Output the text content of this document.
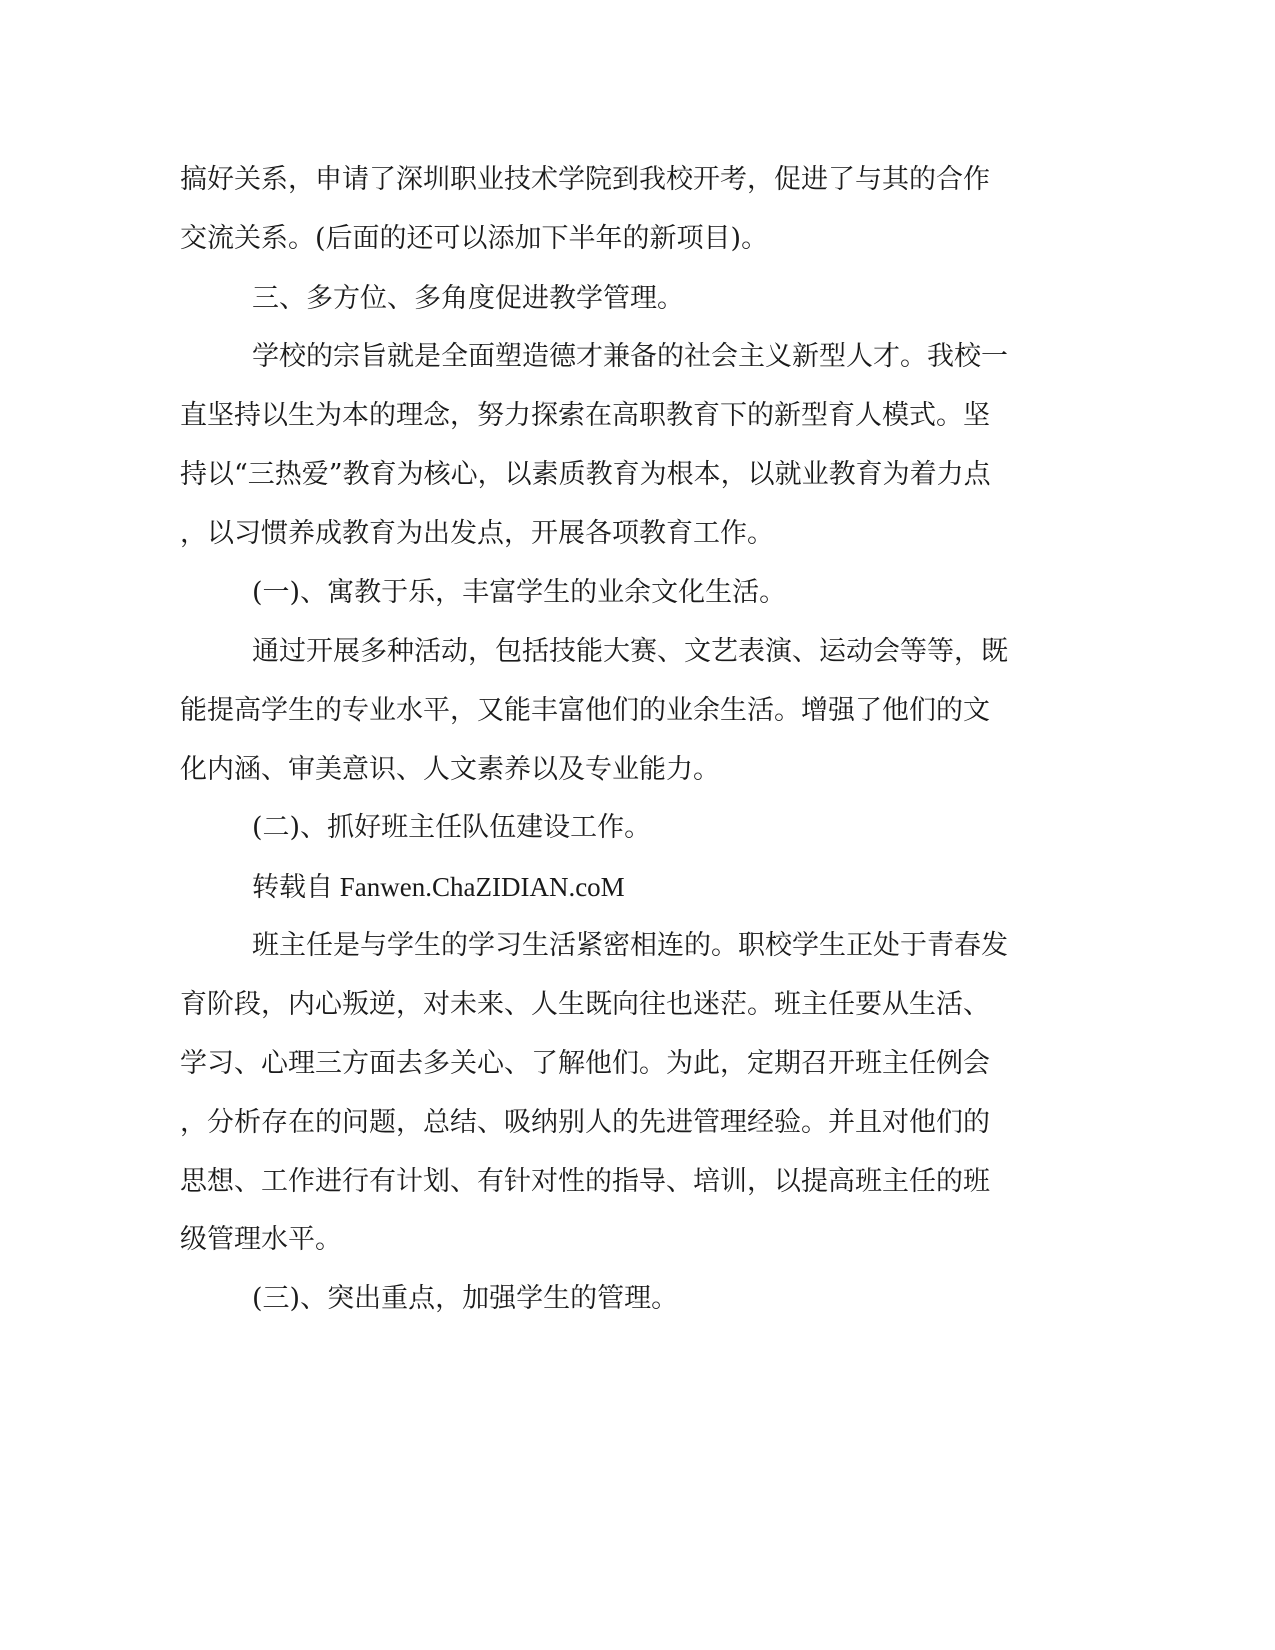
搞好关系，申请了深圳职业技术学院到我校开考，促进了与其的合作
交流关系。(后面的还可以添加下半年的新项目)。
三、多方位、多角度促进教学管理。
学校的宗旨就是全面塑造德才兼备的社会主义新型人才。我校一
直坚持以生为本的理念，努力探索在高职教育下的新型育人模式。坚
持以“三热爱”教育为核心，以素质教育为根本，以就业教育为着力点
，以习惯养成教育为出发点，开展各项教育工作。
(一)、寓教于乐，丰富学生的业余文化生活。
通过开展多种活动，包括技能大赛、文艺表演、运动会等等，既
能提高学生的专业水平，又能丰富他们的业余生活。增强了他们的文
化内涵、审美意识、人文素养以及专业能力。
(二)、抓好班主任队伍建设工作。
转载自 Fanwen.ChaZIDIAN.coM
班主任是与学生的学习生活紧密相连的。职校学生正处于青春发
育阶段，内心叛逆，对未来、人生既向往也迷茫。班主任要从生活、
学习、心理三方面去多关心、了解他们。为此，定期召开班主任例会
，分析存在的问题，总结、吸纳别人的先进管理经验。并且对他们的
思想、工作进行有计划、有针对性的指导、培训，以提高班主任的班
级管理水平。
(三)、突出重点，加强学生的管理。
